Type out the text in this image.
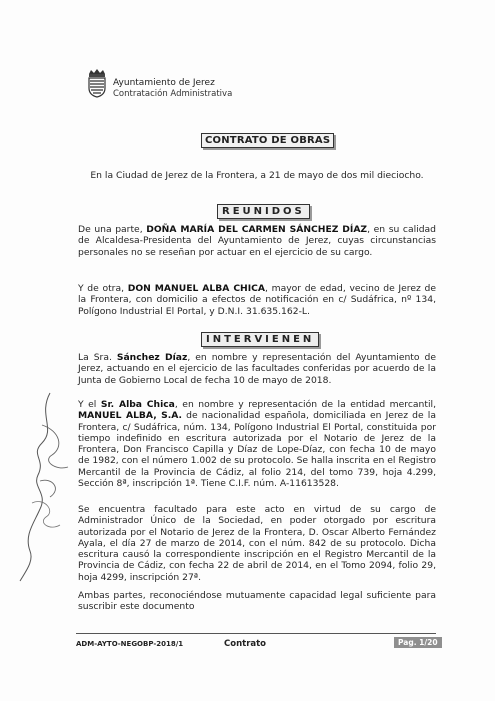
Ayuntamiento de Jerez
Contratación Administrativa
CONTRATO DE OBRAS
En la Ciudad de Jerez de la Frontera, a 21 de mayo de dos mil dieciocho.
REUNIDOS
De una parte, DOÑA MARÍA DEL CARMEN SÁNCHEZ DÍAZ, en su calidad de Alcaldesa-Presidenta del Ayuntamiento de Jerez, cuyas circunstancias personales no se reseñan por actuar en el ejercicio de su cargo.
Y de otra, DON MANUEL ALBA CHICA, mayor de edad, vecino de Jerez de la Frontera, con domicilio a efectos de notificación en c/ Sudáfrica, nº 134, Polígono Industrial El Portal, y D.N.I. 31.635.162-L.
INTERVIENEN
La Sra. Sánchez Díaz, en nombre y representación del Ayuntamiento de Jerez, actuando en el ejercicio de las facultades conferidas por acuerdo de la Junta de Gobierno Local de fecha 10 de mayo de 2018.
Y el Sr. Alba Chica, en nombre y representación de la entidad mercantil, MANUEL ALBA, S.A. de nacionalidad española, domiciliada en Jerez de la Frontera, c/ Sudáfrica, núm. 134, Polígono Industrial El Portal, constituida por tiempo indefinido en escritura autorizada por el Notario de Jerez de la Frontera, Don Francisco Capilla y Díaz de Lope-Díaz, con fecha 10 de mayo de 1982, con el número 1.002 de su protocolo. Se halla inscrita en el Registro Mercantil de la Provincia de Cádiz, al folio 214, del tomo 739, hoja 4.299, Sección 8ª, inscripción 1ª. Tiene C.I.F. núm. A-11613528.
Se encuentra facultado para este acto en virtud de su cargo de Administrador Único de la Sociedad, en poder otorgado por escritura autorizada por el Notario de Jerez de la Frontera, D. Oscar Alberto Fernández Ayala, el día 27 de marzo de 2014, con el núm. 842 de su protocolo. Dicha escritura causó la correspondiente inscripción en el Registro Mercantil de la Provincia de Cádiz, con fecha 22 de abril de 2014, en el Tomo 2094, folio 29, hoja 4299, inscripción 27ª.
Ambas partes, reconociéndose mutuamente capacidad legal suficiente para suscribir este documento
ADM-AYTO-NEGOBP-2018/1	Contrato	Pag. 1/20
